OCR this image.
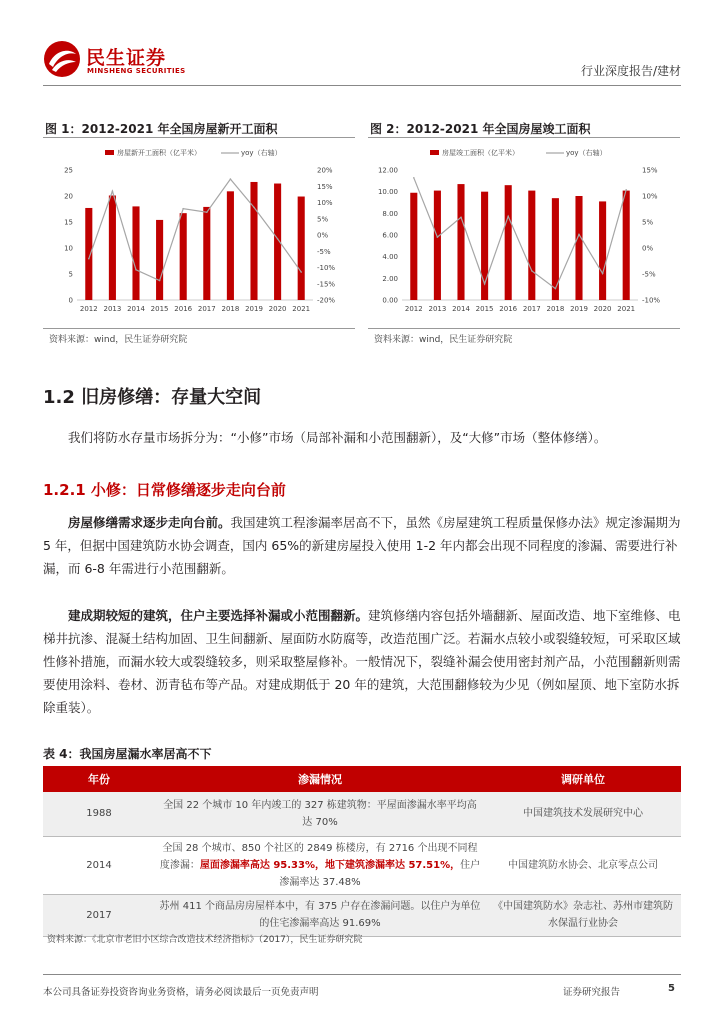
民生证券
MINSHENG SECURITIES	行业深度报告/建材
图 1：2012-2021 年全国房屋新开工面积
房屋新开工面积（亿平米）	yoy（右轴）
0
5
10
15
20
25
-20%
-15%
-10%
-5%
0%
5%
10%
15%
20%
2012 2013 2014 2015 2016 2017 2018 2019 2020 2021
资料来源：wind，民生证券研究院
图 2：2012-2021 年全国房屋竣工面积
房屋竣工面积（亿平米）	yoy（右轴）
0.00
2.00
4.00
6.00
8.00
10.00
12.00
-10%
-5%
0%
5%
10%
15%
2012 2013 2014 2015 2016 2017 2018 2019 2020 2021
资料来源：wind，民生证券研究院
1.2 旧房修缮：存量大空间

我们将防水存量市场拆分为：“小修”市场（局部补漏和小范围翻新），及“大修”市场（整体修缮）。

1.2.1 小修：日常修缮逐步走向台前

房屋修缮需求逐步走向台前。我国建筑工程渗漏率居高不下，虽然《房屋建筑工程质量保修办法》规定渗漏期为 5 年，但据中国建筑防水协会调查，国内 65%的新建房屋投入使用 1-2 年内都会出现不同程度的渗漏、需要进行补漏，而 6-8 年需进行小范围翻新。

建成期较短的建筑，住户主要选择补漏或小范围翻新。建筑修缮内容包括外墙翻新、屋面改造、地下室维修、电梯井抗渗、混凝土结构加固、卫生间翻新、屋面防水防腐等，改造范围广泛。若漏水点较小或裂缝较短，可采取区域性修补措施，而漏水较大或裂缝较多，则采取整屋修补。一般情况下，裂缝补漏会使用密封剂产品，小范围翻新则需要使用涂料、卷材、沥青毡布等产品。对建成期低于 20 年的建筑，大范围翻修较为少见（例如屋顶、地下室防水拆除重装）。

表 4：我国房屋漏水率居高不下
年份	渗漏情况	调研单位
1988	全国 22 个城市 10 年内竣工的 327 栋建筑物：平屋面渗漏水率平均高达 70%	中国建筑技术发展研究中心
2014	全国 28 个城市、850 个社区的 2849 栋楼房，有 2716 个出现不同程度渗漏：屋面渗漏率高达 95.33%，地下建筑渗漏率达 57.51%，住户渗漏率达 37.48%	中国建筑防水协会、北京零点公司
2017	苏州 411 个商品房房屋样本中，有 375 户存在渗漏问题。以住户为单位的住宅渗漏率高达 91.69%	《中国建筑防水》杂志社、苏州市建筑防水保温行业协会
资料来源：《北京市老旧小区综合改造技术经济指标》（2017），民生证券研究院
本公司具备证券投资咨询业务资格，请务必阅读最后一页免责声明	证券研究报告	5
